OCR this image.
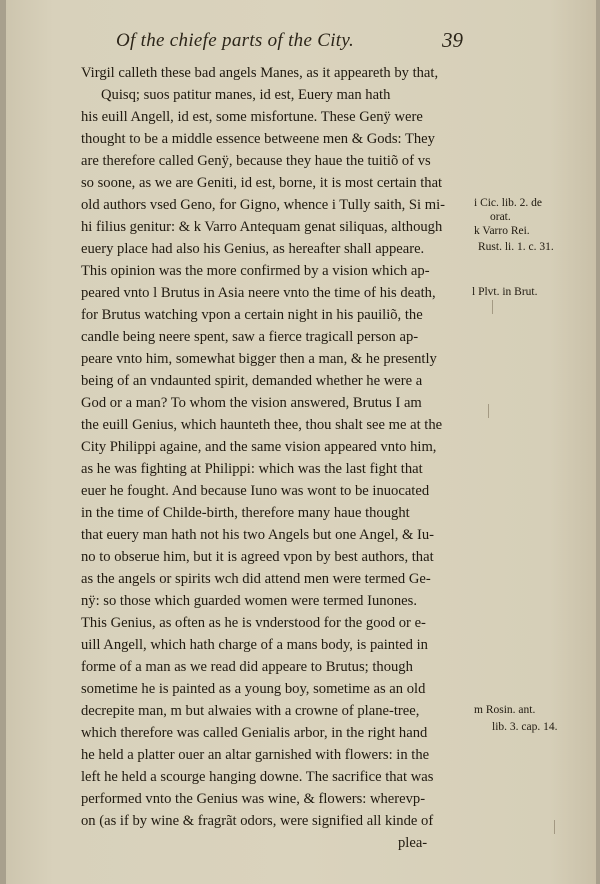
Of the chiefe parts of the City.	39
Virgil calleth these bad angels Manes, as it appeareth by that,
Quisq; suos patitur manes, id est, Euery man hath
his euill Angell, id est, some misfortune. These Genÿ were
thought to be a middle essence betweene men & Gods: They
are therefore called Genÿ, because they haue the tuitiõ of vs
so soone, as we are Geniti, id est, borne, it is most certain that
old authors vsed Geno, for Gigno, whence i Tully saith, Si mi-
hi filius genitur: & k Varro Antequam genat siliquas, although
euery place had also his Genius, as hereafter shall appeare.
This opinion was the more confirmed by a vision which ap-
peared vnto l Brutus in Asia neere vnto the time of his death,
for Brutus watching vpon a certain night in his pauiliõ, the
candle being neere spent, saw a fierce tragicall person ap-
peare vnto him, somewhat bigger then a man, & he presently
being of an vndaunted spirit, demanded whether he were a
God or a man? To whom the vision answered, Brutus I am
the euill Genius, which haunteth thee, thou shalt see me at the
City Philippi againe, and the same vision appeared vnto him,
as he was fighting at Philippi: which was the last fight that
euer he fought. And because Iuno was wont to be inuocated
in the time of Childe-birth, therefore many haue thought
that euery man hath not his two Angels but one Angel, & Iu-
no to obserue him, but it is agreed vpon by best authors, that
as the angels or spirits wch did attend men were termed Ge-
nÿ: so those which guarded women were termed Iunones.
This Genius, as often as he is vnderstood for the good or e-
uill Angell, which hath charge of a mans body, is painted in
forme of a man as we read did appeare to Brutus; though
sometime he is painted as a young boy, sometime as an old
decrepite man, m but alwaies with a crowne of plane-tree,
which therefore was called Genialis arbor, in the right hand
he held a platter ouer an altar garnished with flowers: in the
left he held a scourge hanging downe. The sacrifice that was
performed vnto the Genius was wine, & flowers: wherevp-
on (as if by wine & fragrãt odors, were signified all kinde of
plea-
i Cic. lib. 2. de
orat.
k Varro Rei.
Rust. li. 1. c. 31.
l Plvt. in Brut.
m Rosin. ant.
lib. 3. cap. 14.
